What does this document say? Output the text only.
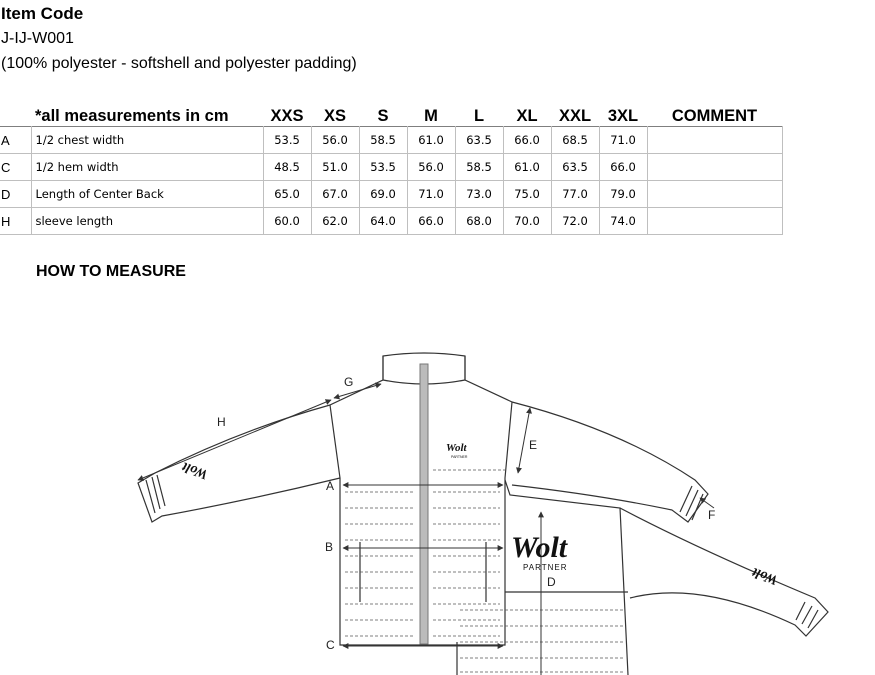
Item Code
J-IJ-W001
(100% polyester - softshell and polyester padding)
	*all measurements in cm	XXS	XS	S	M	L	XL	XXL	3XL	COMMENT
A	1/2 chest width	53.5	56.0	58.5	61.0	63.5	66.0	68.5	71.0	
C	1/2 hem width	48.5	51.0	53.5	56.0	58.5	61.0	63.5	66.0	
D	Length of Center Back	65.0	67.0	69.0	71.0	73.0	75.0	77.0	79.0	
H	sleeve length	60.0	62.0	64.0	66.0	68.0	70.0	72.0	74.0	
HOW TO MEASURE
A
B
C
D
E
F
G
H
Wolt
PARTNER
Wolt
PARTNER
Wolt
Wolt
